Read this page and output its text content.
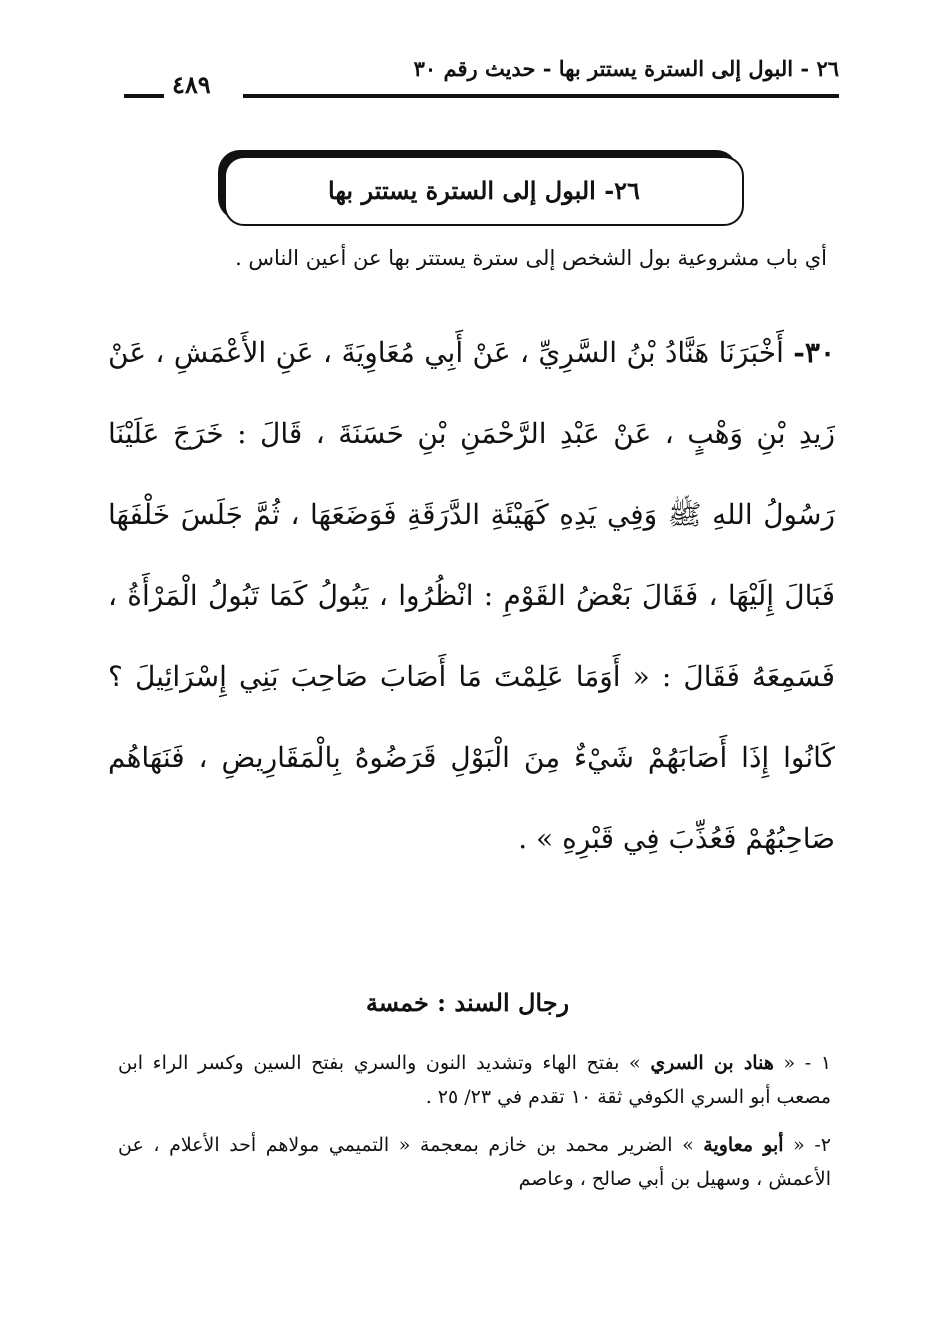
٢٦ - البول إلى السترة يستتر بها - حديث رقم ٣٠
٤٨٩
٢٦- البول إلى السترة يستتر بها
أي باب مشروعية بول الشخص إلى سترة يستتر بها عن أعين الناس .
٣٠- أَخْبَرَنَا هَنَّادُ بْنُ السَّرِيِّ ، عَنْ أَبِي مُعَاوِيَةَ ، عَنِ الأَعْمَشِ ، عَنْ زَيدِ بْنِ وَهْبٍ ، عَنْ عَبْدِ الرَّحْمَنِ بْنِ حَسَنَةَ ، قَالَ : خَرَجَ عَلَيْنَا رَسُولُ اللهِ ﷺ وَفِي يَدِهِ كَهَيْئَةِ الدَّرَقَةِ فَوَضَعَهَا ، ثُمَّ جَلَسَ خَلْفَهَا فَبَالَ إِلَيْهَا ، فَقَالَ بَعْضُ القَوْمِ : انْظُرُوا ، يَبُولُ كَمَا تَبُولُ الْمَرْأَةُ ، فَسَمِعَهُ فَقَالَ : « أَوَمَا عَلِمْتَ مَا أَصَابَ صَاحِبَ بَنِي إِسْرَائِيلَ ؟ كَانُوا إِذَا أَصَابَهُمْ شَيْءٌ مِنَ الْبَوْلِ قَرَضُوهُ بِالْمَقَارِيضِ ، فَنَهَاهُم صَاحِبُهُمْ فَعُذِّبَ فِي قَبْرِهِ » .
رجال السند : خمسة

١ - « هناد بن السري » بفتح الهاء وتشديد النون والسري بفتح السين وكسر الراء ابن مصعب أبو السري الكوفي ثقة ١٠ تقدم في ٢٣/ ٢٥ .

٢- « أبو معاوية » الضرير محمد بن خازم بمعجمة « التميمي مولاهم أحد الأعلام ، عن الأعمش ، وسهيل بن أبي صالح ، وعاصم
